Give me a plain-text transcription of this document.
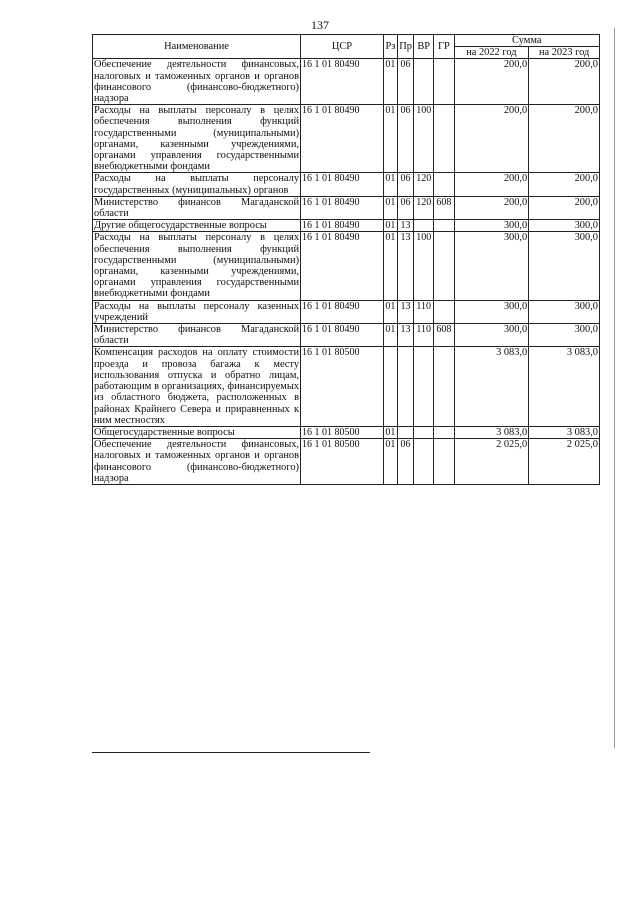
137
Наименование	ЦСР	Рз	Пр	ВР	ГР	Сумма	
						на 2022 год	на 2023 год
Обеспечение деятельности финансовых, налоговых и таможенных органов и органов финансового (финансово-бюджетного) надзора	16 1 01 80490	01	06			200,0	200,0
Расходы на выплаты персоналу в целях обеспечения выполнения функций государственными (муниципальными) органами, казенными учреждениями, органами управления государственными внебюджетными фондами	16 1 01 80490	01	06	100		200,0	200,0
Расходы на выплаты персоналу государственных (муниципальных) органов	16 1 01 80490	01	06	120		200,0	200,0
Министерство финансов Магаданской области	16 1 01 80490	01	06	120	608	200,0	200,0
Другие общегосударственные вопросы	16 1 01 80490	01	13			300,0	300,0
Расходы на выплаты персоналу в целях обеспечения выполнения функций государственными (муниципальными) органами, казенными учреждениями, органами управления государственными внебюджетными фондами	16 1 01 80490	01	13	100		300,0	300,0
Расходы на выплаты персоналу казенных учреждений	16 1 01 80490	01	13	110		300,0	300,0
Министерство финансов Магаданской области	16 1 01 80490	01	13	110	608	300,0	300,0
Компенсация расходов на оплату стоимости проезда и провоза багажа к месту использования отпуска и обратно лицам, работающим в организациях, финансируемых из областного бюджета, расположенных в районах Крайнего Севера и приравненных к ним местностях	16 1 01 80500					3 083,0	3 083,0
Общегосударственные вопросы	16 1 01 80500	01				3 083,0	3 083,0
Обеспечение деятельности финансовых, налоговых и таможенных органов и органов финансового (финансово-бюджетного) надзора	16 1 01 80500	01	06			2 025,0	2 025,0
